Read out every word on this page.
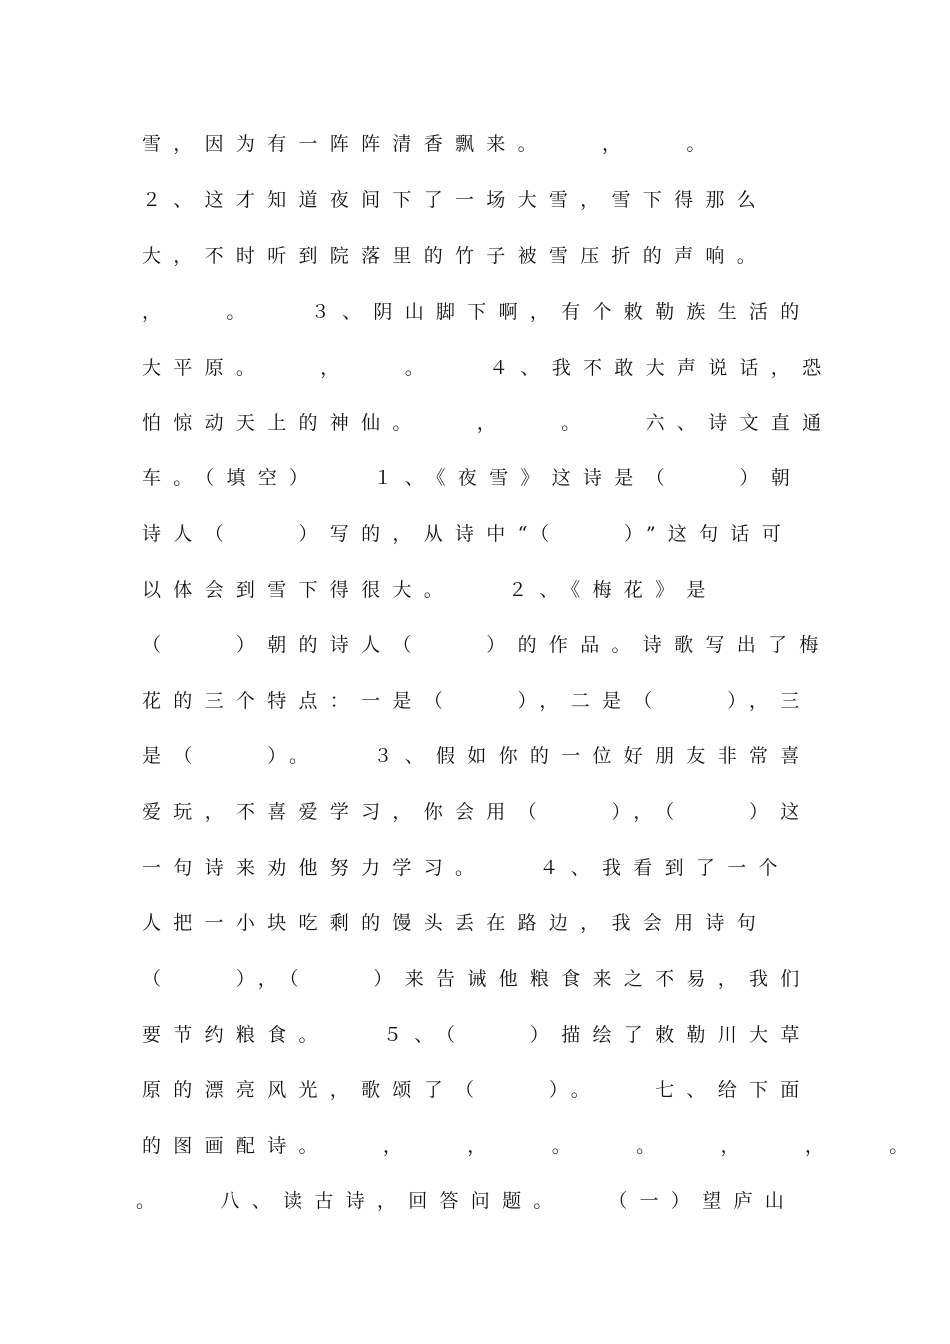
雪，因为有一阵阵清香飘来。　　，　　。
２、这才知道夜间下了一场大雪，雪下得那么
大，不时听到院落里的竹子被雪压折的声响。
，　　。　　３、阴山脚下啊，有个敕勒族生活的
大平原。　　，　　。　　４、我不敢大声说话，恐
怕惊动天上的神仙。　　，　　。　　六、诗文直通
车。（填空）　　１、《夜雪》这诗是（　　）朝
诗人（　　）写的，从诗中“（　　）”这句话可
以体会到雪下得很大。　　２、《梅花》是
（　　）朝的诗人（　　）的作品。诗歌写出了梅
花的三个特点：一是（　　），二是（　　），三
是（　　）。　　３、假如你的一位好朋友非常喜
爱玩，不喜爱学习，你会用（　　），（　　）这
一句诗来劝他努力学习。　　４、我看到了一个
人把一小块吃剩的馒头丢在路边，我会用诗句
（　　），（　　）来告诫他粮食来之不易，我们
要节约粮食。　　５、（　　）描绘了敕勒川大草
原的漂亮风光，歌颂了（　　）。　　七、给下面
的图画配诗。　　，　　，　　。　　。　　，　　，　　。
。　　八、读古诗，回答问题。　　（一）望庐山
